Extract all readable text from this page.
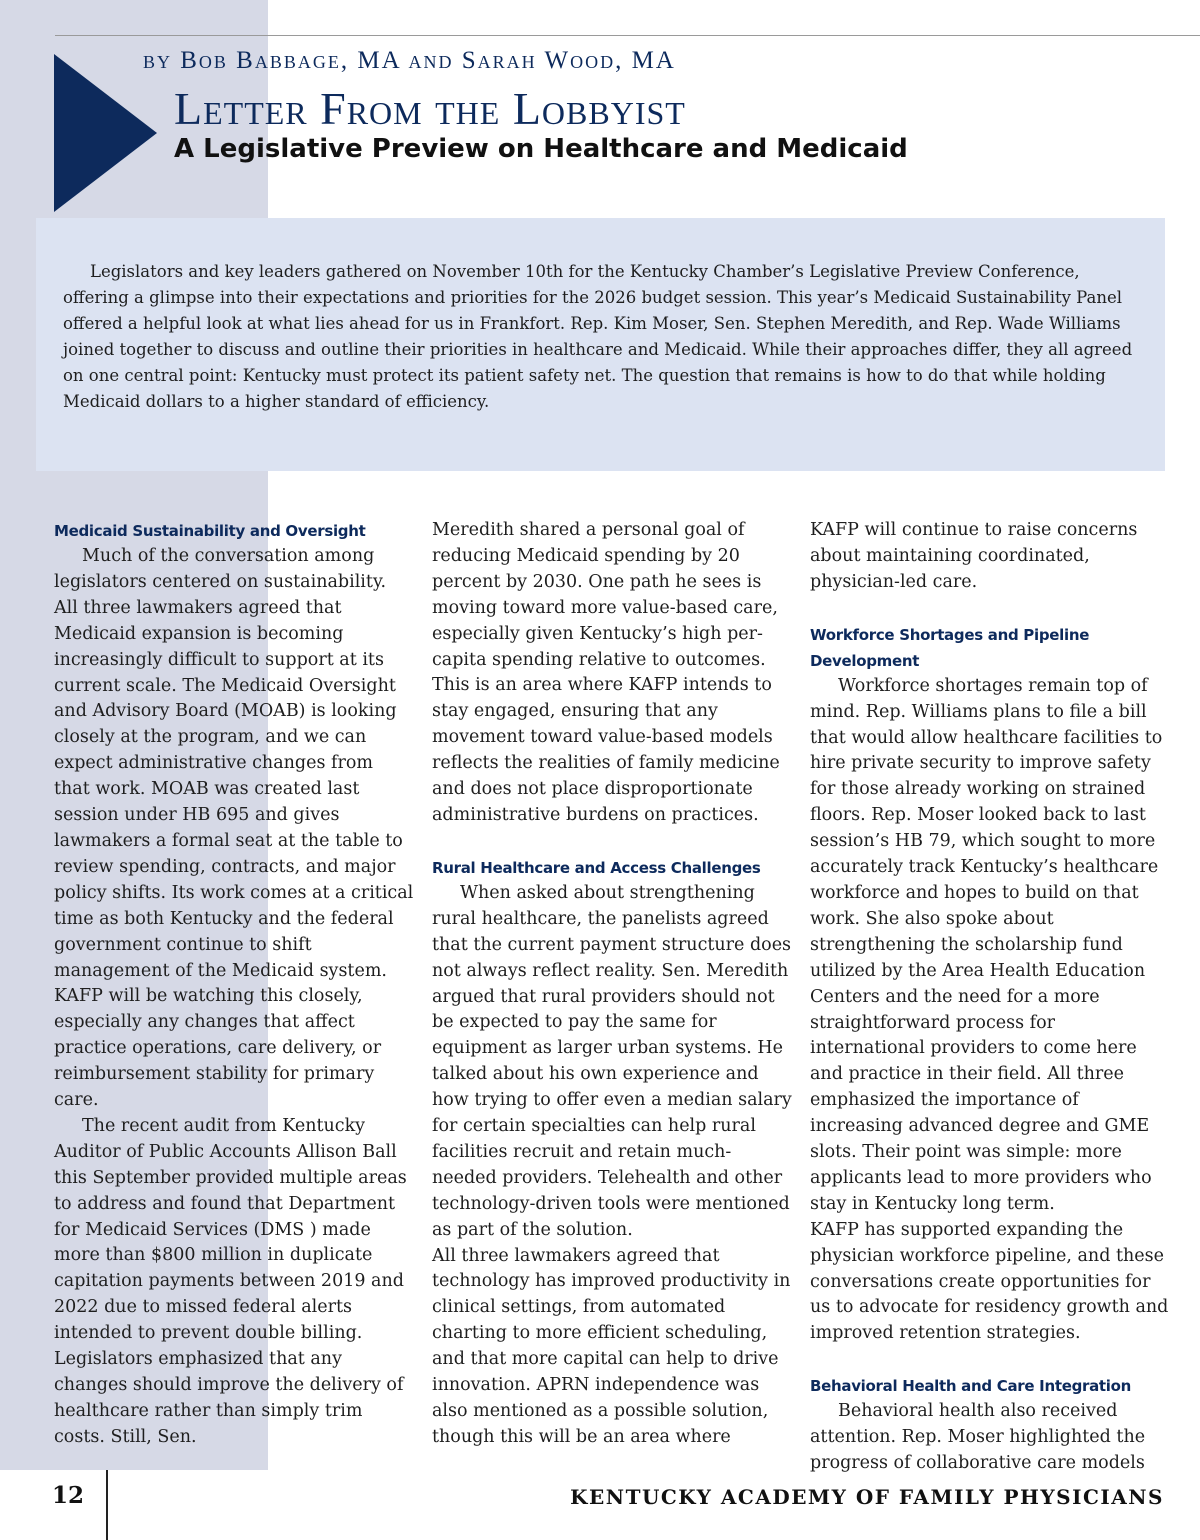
by Bob Babbage, MA and Sarah Wood, MA
Letter From the Lobbyist
A Legislative Preview on Healthcare and Medicaid

Legislators and key leaders gathered on November 10th for the Kentucky Chamber’s Legislative Preview Conference, offering a glimpse into their expectations and priorities for the 2026 budget session. This year’s Medicaid Sustainability Panel offered a helpful look at what lies ahead for us in Frankfort. Rep. Kim Moser, Sen. Stephen Meredith, and Rep. Wade Williams joined together to discuss and outline their priorities in healthcare and Medicaid. While their approaches differ, they all agreed on one central point: Kentucky must protect its patient safety net. The question that remains is how to do that while holding Medicaid dollars to a higher standard of efficiency.

Medicaid Sustainability and Oversight

Much of the conversation among legislators centered on sustainability. All three lawmakers agreed that Medicaid expansion is becoming increasingly difficult to support at its current scale. The Medicaid Oversight and Advisory Board (MOAB) is looking closely at the program, and we can expect administrative changes from that work. MOAB was created last session under HB 695 and gives lawmakers a formal seat at the table to review spending, contracts, and major policy shifts. Its work comes at a critical time as both Kentucky and the federal government continue to shift management of the Medicaid system. KAFP will be watching this closely, especially any changes that affect practice operations, care delivery, or reimbursement stability for primary care.

The recent audit from Kentucky Auditor of Public Accounts Allison Ball this September provided multiple areas to address and found that Department for Medicaid Services (DMS ) made more than $800 million in duplicate capitation payments between 2019 and 2022 due to missed federal alerts intended to prevent double billing. Legislators emphasized that any changes should improve the delivery of healthcare rather than simply trim costs. Still, Sen.

Meredith shared a personal goal of reducing Medicaid spending by 20 percent by 2030. One path he sees is moving toward more value-based care, especially given Kentucky’s high per-capita spending relative to outcomes. This is an area where KAFP intends to stay engaged, ensuring that any movement toward value-based models reflects the realities of family medicine and does not place disproportionate administrative burdens on practices.

Rural Healthcare and Access Challenges

When asked about strengthening rural healthcare, the panelists agreed that the current payment structure does not always reflect reality. Sen. Meredith argued that rural providers should not be expected to pay the same for equipment as larger urban systems. He talked about his own experience and how trying to offer even a median salary for certain specialties can help rural facilities recruit and retain much-needed providers. Telehealth and other technology-driven tools were mentioned as part of the solution.

All three lawmakers agreed that technology has improved productivity in clinical settings, from automated charting to more efficient scheduling, and that more capital can help to drive innovation. APRN independence was also mentioned as a possible solution, though this will be an area where

KAFP will continue to raise concerns about maintaining coordinated, physician-led care.

Workforce Shortages and Pipeline Development

Workforce shortages remain top of mind. Rep. Williams plans to file a bill that would allow healthcare facilities to hire private security to improve safety for those already working on strained floors. Rep. Moser looked back to last session’s HB 79, which sought to more accurately track Kentucky’s healthcare workforce and hopes to build on that work. She also spoke about strengthening the scholarship fund utilized by the Area Health Education Centers and the need for a more straightforward process for international providers to come here and practice in their field. All three emphasized the importance of increasing advanced degree and GME slots. Their point was simple: more applicants lead to more providers who stay in Kentucky long term.

KAFP has supported expanding the physician workforce pipeline, and these conversations create opportunities for us to advocate for residency growth and improved retention strategies.

Behavioral Health and Care Integration

Behavioral health also received attention. Rep. Moser highlighted the progress of collaborative care models

12	KENTUCKY ACADEMY OF FAMILY PHYSICIANS
